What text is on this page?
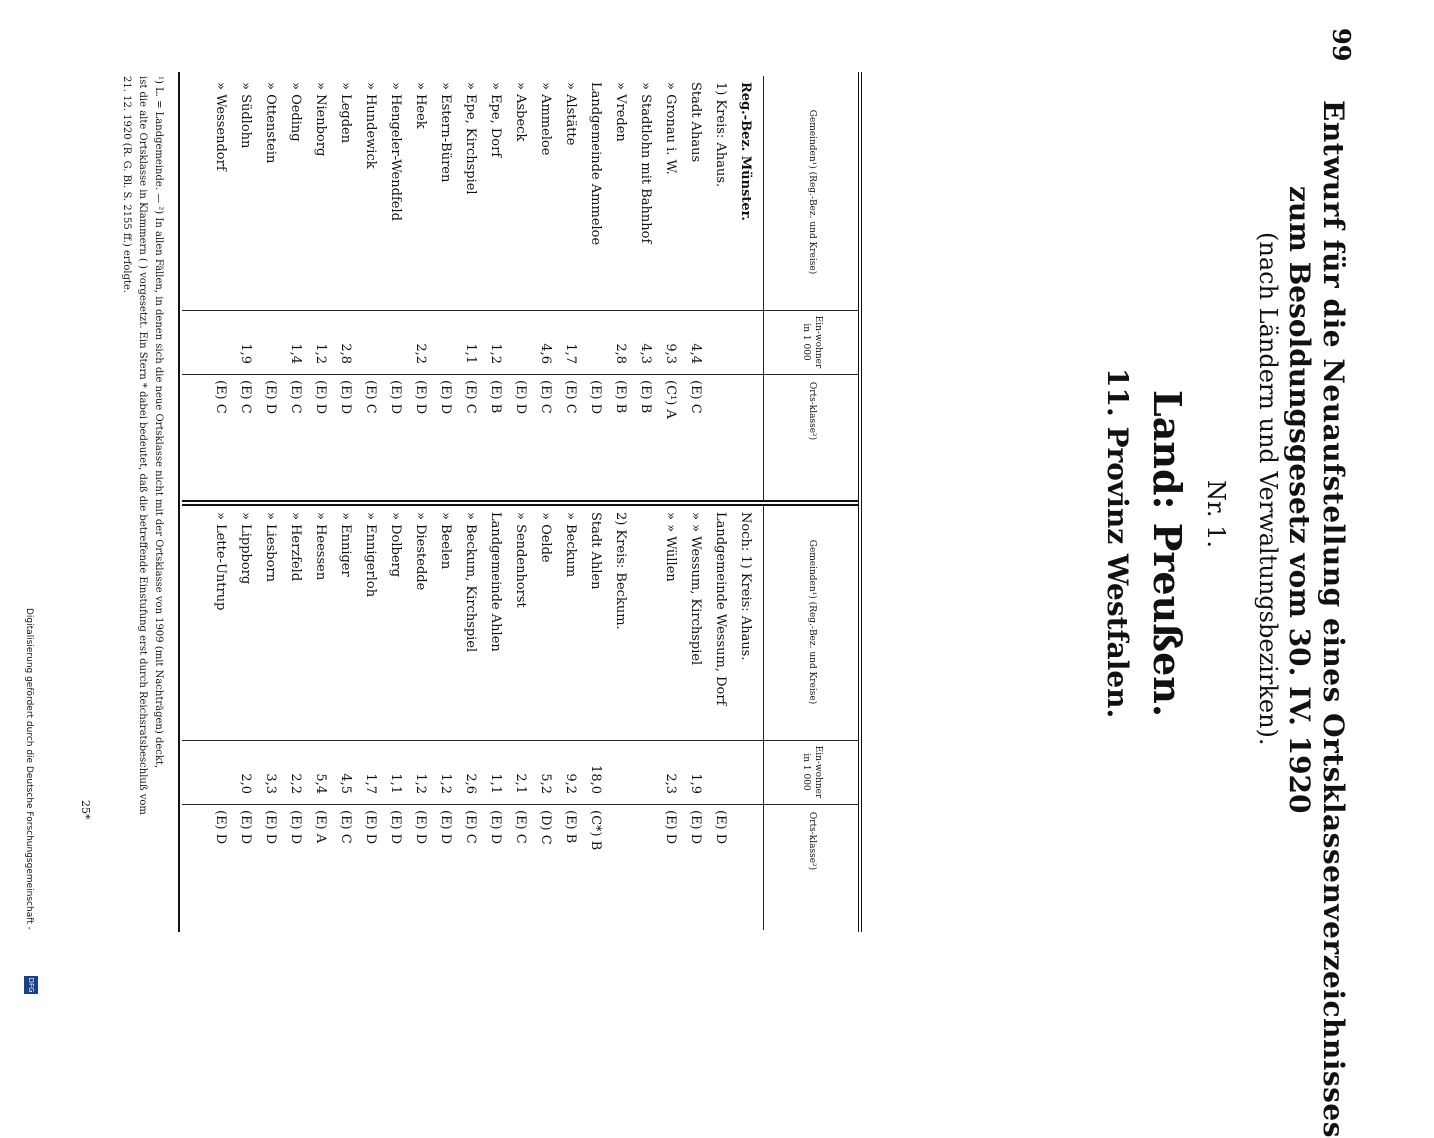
99
Entwurf für die Neuaufstellung eines Ortsklassenverzeichnisses
zum Besoldungsgesetz vom 30. IV. 1920
(nach Ländern und Verwaltungsbezirken).
Nr. 1.
Land: Preußen.
11. Provinz Westfalen.
Gemeinden¹) (Reg.-Bez. und Kreise)
Ein-wohner in 1 000
Orts-klasse²)
Reg.-Bez. Münster.
1) Kreis: Ahaus.
Stadt Ahaus
4,4
(E) C
» Gronau i. W.
9,3
(C¹) A
» Stadtlohn mit Bahnhof
4,3
(E) B
» Vreden
2,8
(E) B
Landgemeinde Ammeloe
(E) D
» Alstätte
1,7
(E) C
» Ammeloe
4,6
(E) C
» Asbeck
(E) D
» Epe, Dorf
1,2
(E) B
» Epe, Kirchspiel
1,1
(E) C
» Estern-Büren
(E) D
» Heek
2,2
(E) D
» Hengeler-Wendfeld
(E) D
» Hundewick
(E) C
» Legden
2,8
(E) D
» Nienborg
1,2
(E) D
» Oeding
1,4
(E) C
» Ottenstein
(E) D
» Südlohn
1,9
(E) C
» Wessendorf
(E) C
Gemeinden¹) (Reg.-Bez. und Kreise)
Ein-wohner in 1 000
Orts-klasse²)
Noch: 1) Kreis: Ahaus.
Landgemeinde Wessum, Dorf
(E) D
» » Wessum, Kirchspiel
1,9
(E) D
» » Wüllen
2,3
(E) D
2) Kreis: Beckum.
Stadt Ahlen
18,0
(C*) B
» Beckum
9,2
(E) B
» Oelde
5,2
(D) C
» Sendenhorst
2,1
(E) C
Landgemeinde Ahlen
1,1
(E) D
» Beckum, Kirchspiel
2,6
(E) C
» Beelen
1,2
(E) D
» Diestedde
1,2
(E) D
» Dolberg
1,1
(E) D
» Ennigerloh
1,7
(E) D
» Enniger
4,5
(E) C
» Heessen
5,4
(E) A
» Herzfeld
2,2
(E) D
» Liesborn
3,3
(E) D
» Lippborg
2,0
(E) D
» Lette-Untrup
(E) D

¹) L. = Landgemeinde. — ²) In allen Fällen, in denen sich die neue Ortsklasse nicht mit der Ortsklasse von 1909 (mit Nachträgen) deckt,

ist die alte Ortsklasse in Klammern ( ) vorgesetzt. Ein Stern * dabei bedeutet, daß die betreffende Einstufung erst durch Reichsratsbeschluß vom

21. 12. 1920 (R. G. Bl. S. 2155 ff.) erfolgte.

25*
Digitalisierung gefördert durch die Deutsche Forschungsgemeinschaft -
DFG
